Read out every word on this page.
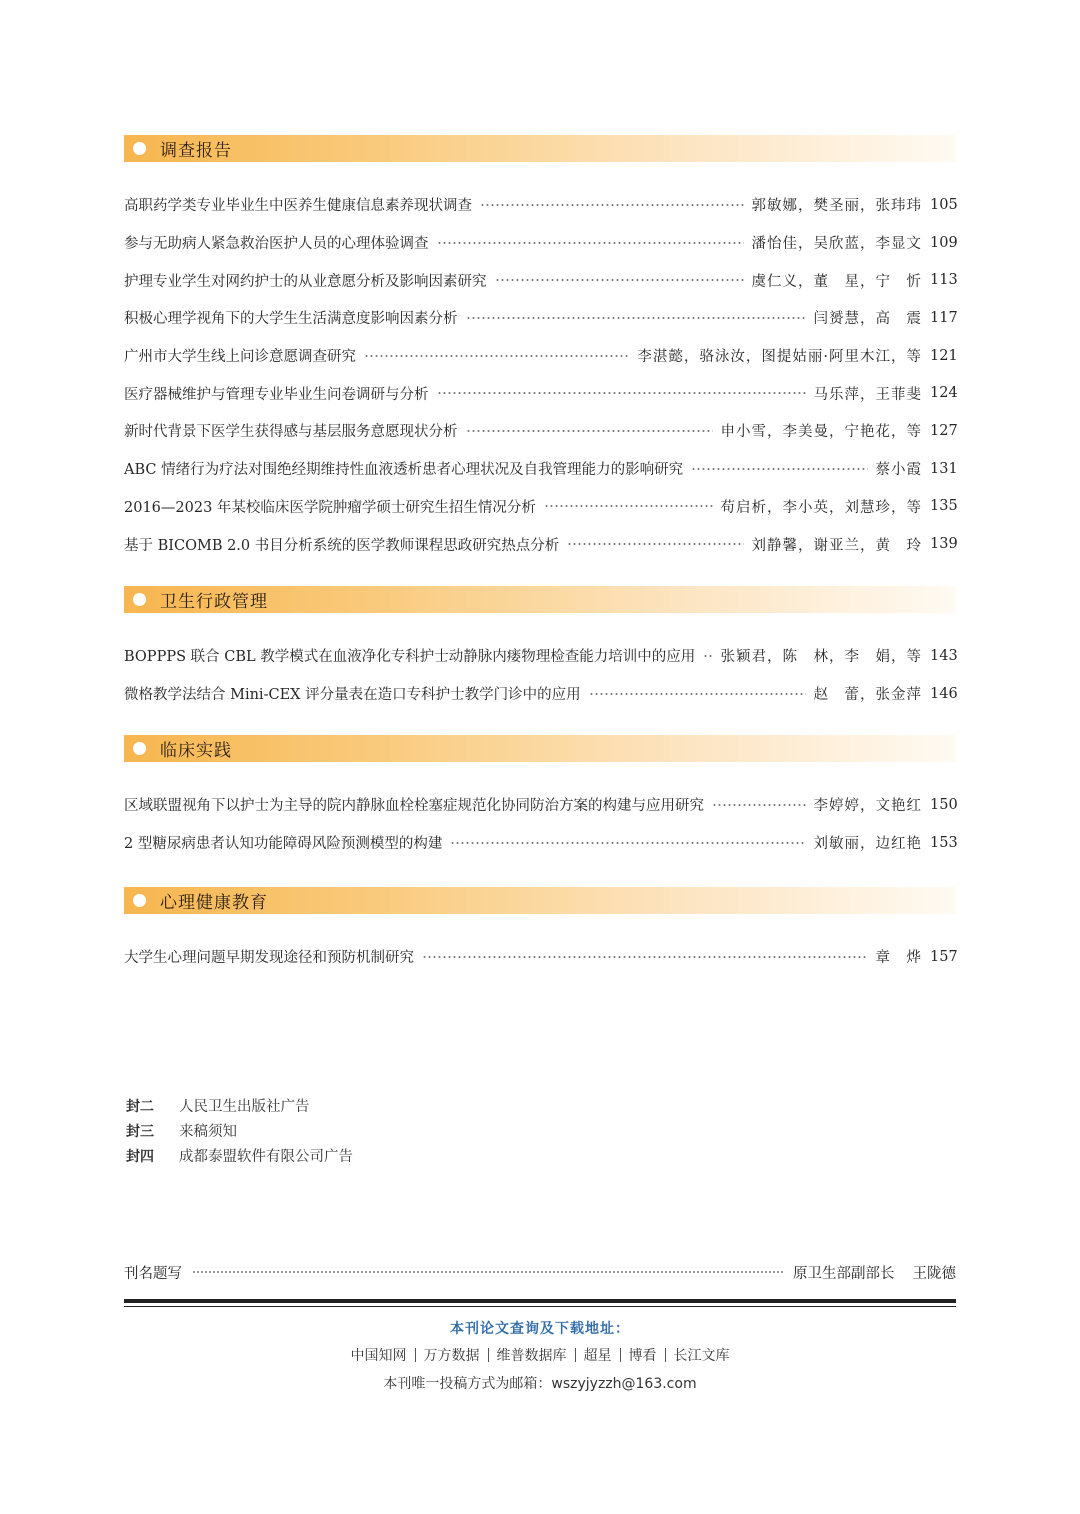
调查报告
高职药学类专业毕业生中医养生健康信息素养现状调查	郭敏娜，樊圣丽，张玮玮 105
参与无助病人紧急救治医护人员的心理体验调查	潘怡佳，吴欣蓝，李显文 109
护理专业学生对网约护士的从业意愿分析及影响因素研究	虞仁义，董　星，宁　忻 113
积极心理学视角下的大学生生活满意度影响因素分析	闫赟慧，高　震 117
广州市大学生线上问诊意愿调查研究	李湛懿，骆泳汝，图提姑丽·阿里木江，等 121
医疗器械维护与管理专业毕业生问卷调研与分析	马乐萍，王菲斐 124
新时代背景下医学生获得感与基层服务意愿现状分析	申小雪，李美曼，宁艳花，等 127
ABC 情绪行为疗法对围绝经期维持性血液透析患者心理状况及自我管理能力的影响研究	蔡小霞 131
2016—2023 年某校临床医学院肿瘤学硕士研究生招生情况分析	苟启析，李小英，刘慧珍，等 135
基于 BICOMB 2.0 书目分析系统的医学教师课程思政研究热点分析	刘静馨，谢亚兰，黄　玲 139
卫生行政管理
BOPPPS 联合 CBL 教学模式在血液净化专科护士动静脉内瘘物理检查能力培训中的应用 张颖君，陈　林，李　娟，等 143
微格教学法结合 Mini-CEX 评分量表在造口专科护士教学门诊中的应用	赵　蕾，张金萍 146
临床实践
区域联盟视角下以护士为主导的院内静脉血栓栓塞症规范化协同防治方案的构建与应用研究	李婷婷，文艳红 150
2 型糖尿病患者认知功能障碍风险预测模型的构建	刘敏丽，边红艳 153
心理健康教育
大学生心理问题早期发现途径和预防机制研究	章　烨 157
封二	人民卫生出版社广告
封三	来稿须知
封四	成都泰盟软件有限公司广告
刊名题写	原卫生部副部长 王陇德
本刊论文查询及下载地址：
中国知网 万方数据 维普数据库 超星 博看 长江文库
本刊唯一投稿方式为邮箱：wszyjyzzh@163.com
